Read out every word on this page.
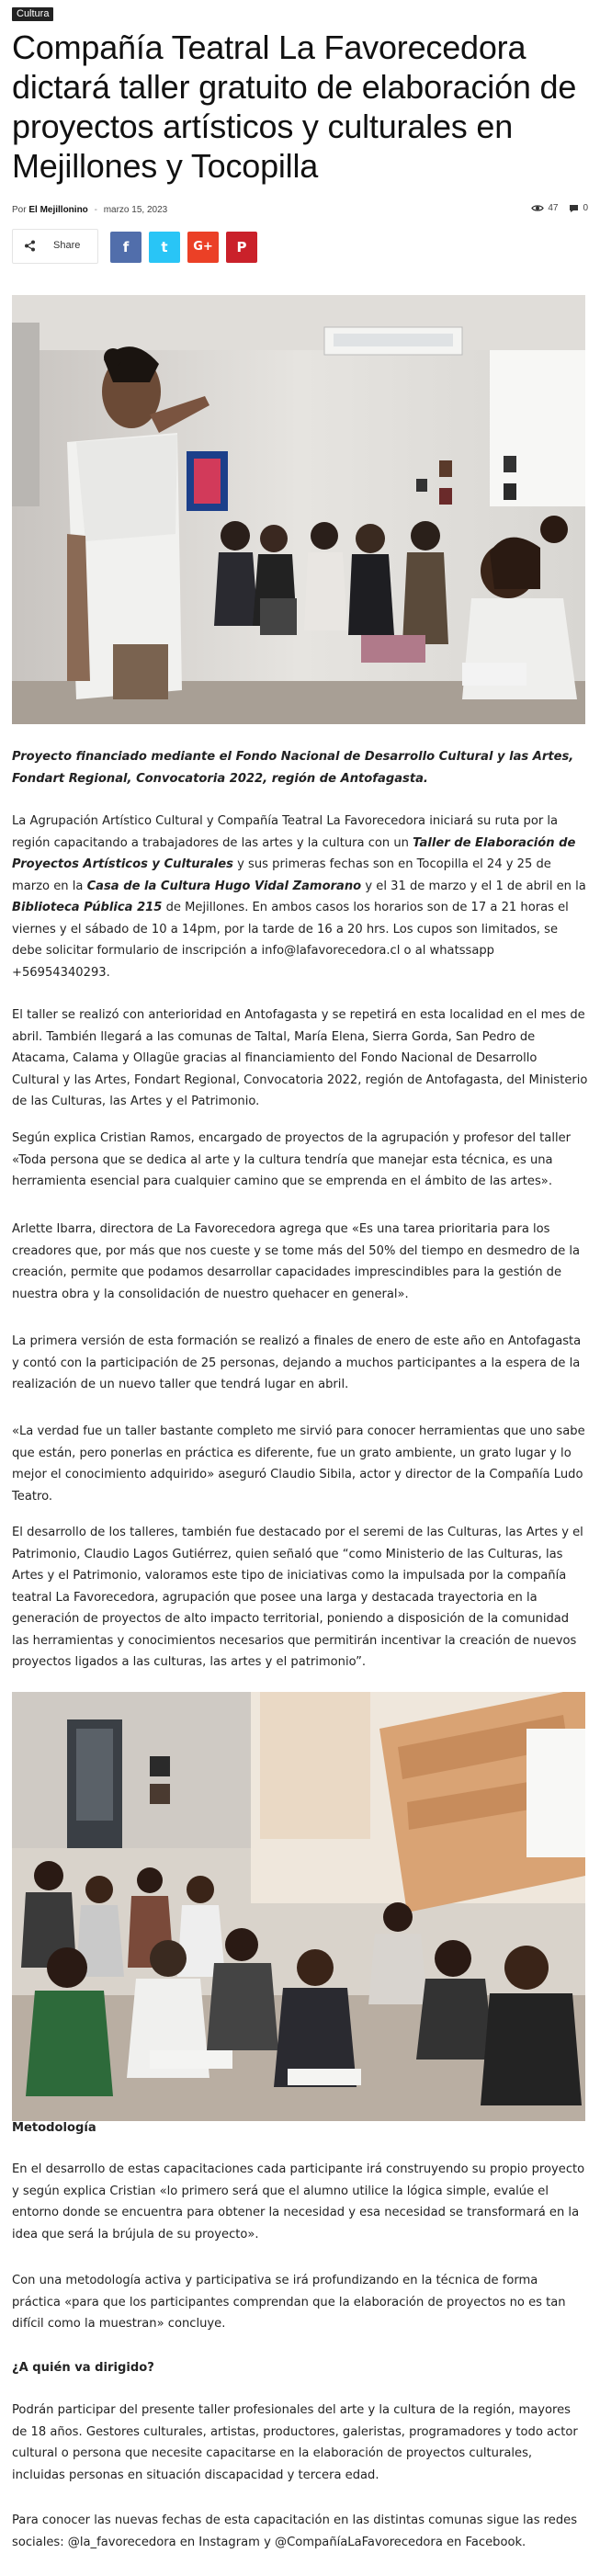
Cultura
Compañía Teatral La Favorecedora dictará taller gratuito de elaboración de proyectos artísticos y culturales en Mejillones y Tocopilla
Por El Mejillonino - marzo 15, 2023	47	0
Share	f	t	G+	P

Proyecto financiado mediante el Fondo Nacional de Desarrollo Cultural y las Artes, Fondart Regional, Convocatoria 2022, región de Antofagasta.

La Agrupación Artístico Cultural y Compañía Teatral La Favorecedora iniciará su ruta por la región capacitando a trabajadores de las artes y la cultura con un Taller de Elaboración de Proyectos Artísticos y Culturales y sus primeras fechas son en Tocopilla el 24 y 25 de marzo en la Casa de la Cultura Hugo Vidal Zamorano y el 31 de marzo y el 1 de abril en la Biblioteca Pública 215 de Mejillones. En ambos casos los horarios son de 17 a 21 horas el viernes y el sábado de 10 a 14pm, por la tarde de 16 a 20 hrs. Los cupos son limitados, se debe solicitar formulario de inscripción a info@lafavorecedora.cl o al whatssapp +56954340293.

El taller se realizó con anterioridad en Antofagasta y se repetirá en esta localidad en el mes de abril. También llegará a las comunas de Taltal, María Elena, Sierra Gorda, San Pedro de Atacama, Calama y Ollagüe gracias al financiamiento del Fondo Nacional de Desarrollo Cultural y las Artes, Fondart Regional, Convocatoria 2022, región de Antofagasta, del Ministerio de las Culturas, las Artes y el Patrimonio.

Según explica Cristian Ramos, encargado de proyectos de la agrupación y profesor del taller «Toda persona que se dedica al arte y la cultura tendría que manejar esta técnica, es una herramienta esencial para cualquier camino que se emprenda en el ámbito de las artes».

Arlette Ibarra, directora de La Favorecedora agrega que «Es una tarea prioritaria para los creadores que, por más que nos cueste y se tome más del 50% del tiempo en desmedro de la creación, permite que podamos desarrollar capacidades imprescindibles para la gestión de nuestra obra y la consolidación de nuestro quehacer en general».

La primera versión de esta formación se realizó a finales de enero de este año en Antofagasta y contó con la participación de 25 personas, dejando a muchos participantes a la espera de la realización de un nuevo taller que tendrá lugar en abril.

«La verdad fue un taller bastante completo me sirvió para conocer herramientas que uno sabe que están, pero ponerlas en práctica es diferente, fue un grato ambiente, un grato lugar y lo mejor el conocimiento adquirido» aseguró Claudio Sibila, actor y director de la Compañía Ludo Teatro.

El desarrollo de los talleres, también fue destacado por el seremi de las Culturas, las Artes y el Patrimonio, Claudio Lagos Gutiérrez, quien señaló que “como Ministerio de las Culturas, las Artes y el Patrimonio, valoramos este tipo de iniciativas como la impulsada por la compañía teatral La Favorecedora, agrupación que posee una larga y destacada trayectoria en la generación de proyectos de alto impacto territorial, poniendo a disposición de la comunidad las herramientas y conocimientos necesarios que permitirán incentivar la creación de nuevos proyectos ligados a las culturas, las artes y el patrimonio”.

Metodología

En el desarrollo de estas capacitaciones cada participante irá construyendo su propio proyecto y según explica Cristian «lo primero será que el alumno utilice la lógica simple, evalúe el entorno donde se encuentra para obtener la necesidad y esa necesidad se transformará en la idea que será la brújula de su proyecto».

Con una metodología activa y participativa se irá profundizando en la técnica de forma práctica «para que los participantes comprendan que la elaboración de proyectos no es tan difícil como la muestran» concluye.

¿A quién va dirigido?

Podrán participar del presente taller profesionales del arte y la cultura de la región, mayores de 18 años. Gestores culturales, artistas, productores, galeristas, programadores y todo actor cultural o persona que necesite capacitarse en la elaboración de proyectos culturales, incluidas personas en situación discapacidad y tercera edad.

Para conocer las nuevas fechas de esta capacitación en las distintas comunas sigue las redes sociales: @la_favorecedora en Instagram y @CompañíaLaFavorecedora en Facebook.
